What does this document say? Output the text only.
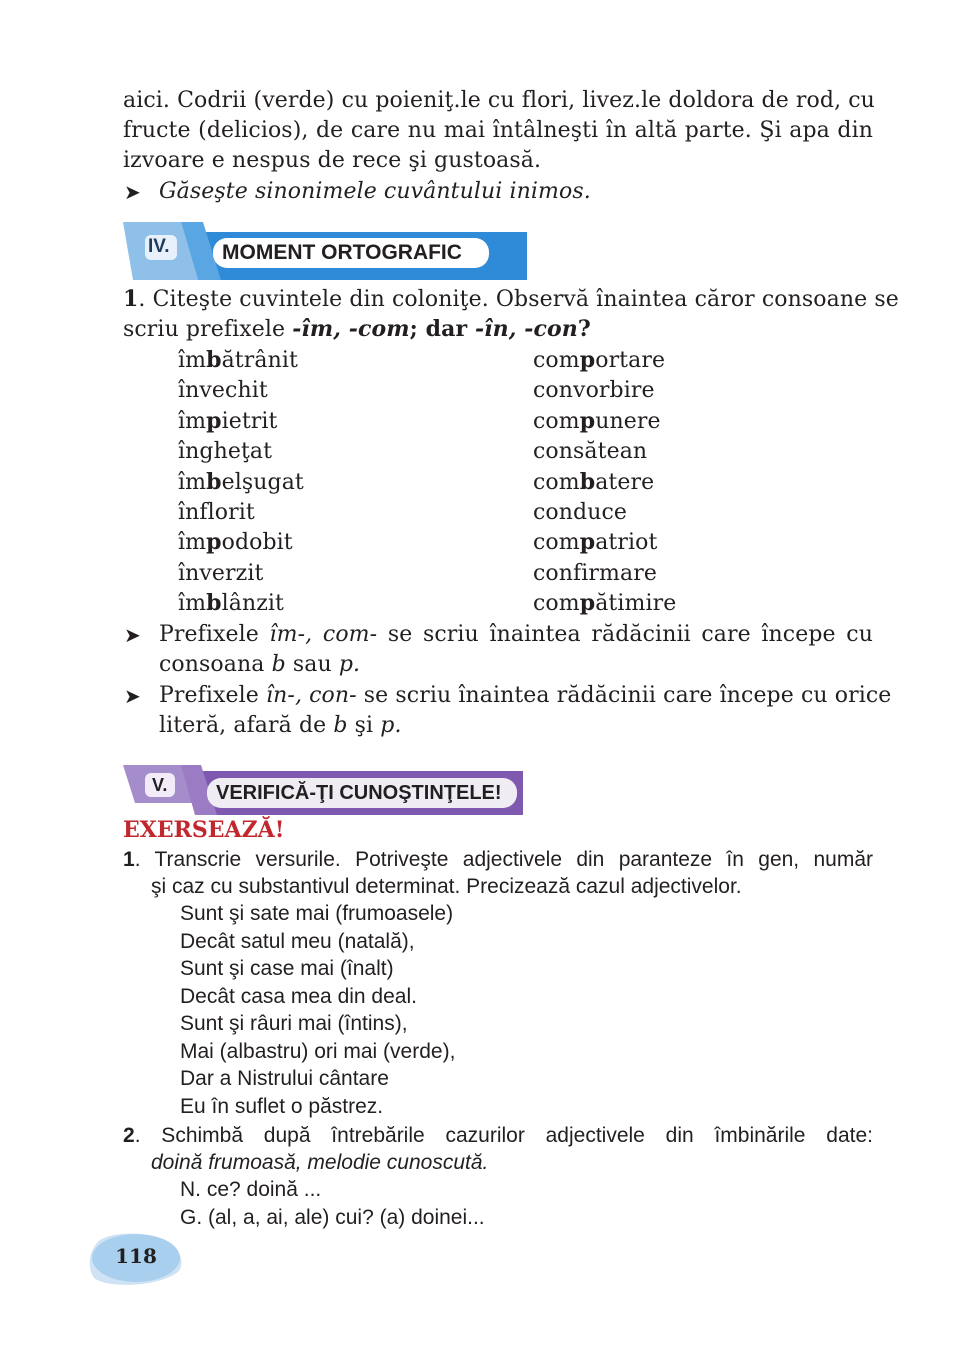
aici. Codrii (verde) cu poieniţ.le cu flori, livez.le doldora de rod, cu
fructe (delicios), de care nu mai întâlneşti în altă parte. Şi apa din
izvoare e nespus de rece şi gustoasă.
➤ Găseşte sinonimele cuvântului inimos.
IV.	MOMENT ORTOGRAFIC
1. Citeşte cuvintele din coloniţe. Observă înaintea căror consoane se
scriu prefixele -îm, -com; dar -în, -con?
îmbătrânit
învechit
împietrit
îngheţat
îmbelşugat
înflorit
împodobit
înverzit
îmblânzit
comportare
convorbire
compunere
consătean
combatere
conduce
compatriot
confirmare
compătimire
➤ Prefixele îm-, com- se scriu înaintea rădăcinii care începe cu
consoana b sau p.
➤ Prefixele în-, con- se scriu înaintea rădăcinii care începe cu orice
literă, afară de b şi p.
V. VERIFICĂ-ŢI CUNOŞTINŢELE!
EXERSEAZĂ!
1. Transcrie versurile. Potriveşte adjectivele din paranteze în gen, număr
şi caz cu substantivul determinat. Precizează cazul adjectivelor.
Sunt şi sate mai (frumoasele)
Decât satul meu (natală),
Sunt şi case mai (înalt)
Decât casa mea din deal.
Sunt şi râuri mai (întins),
Mai (albastru) ori mai (verde),
Dar a Nistrului cântare
Eu în suflet o păstrez.
2. Schimbă după întrebările cazurilor adjectivele din îmbinările date:
doină frumoasă, melodie cunoscută.
N. ce? doină ...
G. (al, a, ai, ale) cui? (a) doinei...
118
